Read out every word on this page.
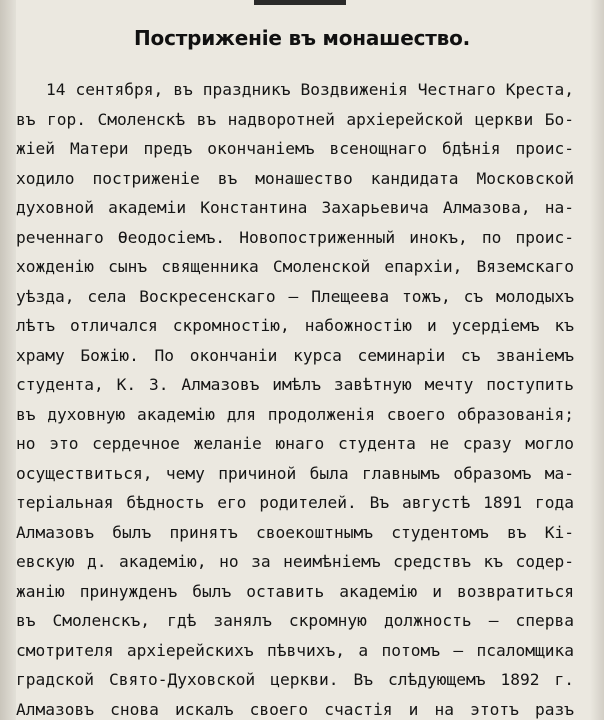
Постриженіе въ монашество.
14 сентября, въ праздникъ Воздвиженія Честнаго Креста,
въ гор. Смоленскѣ въ надворотней архіерейской церкви Бо-
жіей Матери предъ окончаніемъ всенощнаго бдѣнія проис-
ходило постриженіе въ монашество кандидата Московской
духовной академіи Константина Захарьевича Алмазова, на-
реченнаго Ѳеодосіемъ. Новопостриженный инокъ, по проис-
хожденію сынъ священника Смоленской епархіи, Вяземскаго
уѣзда, села Воскресенскаго — Плещеева тожъ, съ молодыхъ
лѣтъ отличался скромностію, набожностію и усердіемъ къ
храму Божію. По окончаніи курса семинаріи съ званіемъ
студента, К. З. Алмазовъ имѣлъ завѣтную мечту поступить
въ духовную академію для продолженія своего образованія;
но это сердечное желаніе юнаго студента не сразу могло
осуществиться, чему причиной была главнымъ образомъ ма-
теріальная бѣдность его родителей. Въ августѣ 1891 года
Алмазовъ былъ принятъ своекоштнымъ студентомъ въ Кі-
евскую д. академію, но за неимѣніемъ средствъ къ содер-
жанію принужденъ былъ оставить академію и возвратиться
въ Смоленскъ, гдѣ занялъ скромную должность — сперва
смотрителя архіерейскихъ пѣвчихъ, а потомъ — псаломщика
градской Свято-Духовской церкви. Въ слѣдующемъ 1892 г.
Алмазовъ снова искалъ своего счастія и на этотъ разъ
